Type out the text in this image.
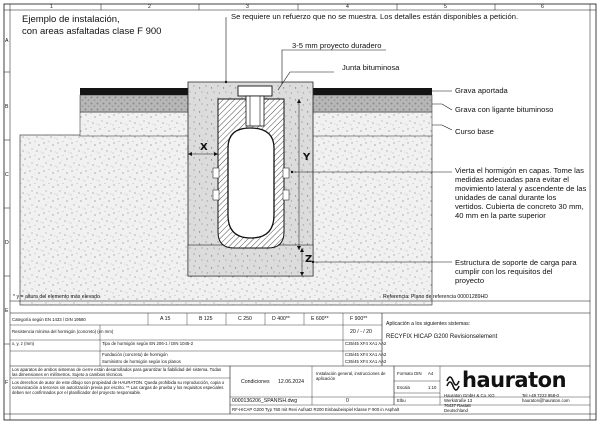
Ejemplo de instalación,
con areas asfaltadas clase F 900
Se requiere un refuerzo que no se muestra. Los detalles están disponibles a petición.
3-5 mm proyecto duradero
Junta bituminosa
Grava aportada
Grava con ligante bituminoso
Curso base
Vierta el hormigón en capas. Tome las medidas adecuadas para evitar el movimiento lateral y ascendente de las unidades de canal durante los vertidos. Cubierta de concreto 30 mm, 40 mm en la parte superior
Estructura de soporte de carga para cumplir con los requisitos del proyecto
X
Y
Z
1	2	3	4	5	6
A
B
C
D
E
F
* y = altura del elemento más elevado	Referencia: Plano de referencia 00001289HD
Categoría según EN 1433 / DIN 19580	A 15	B 125	C 250	D 400**	E 600**	F 900**
Resistencia mínima del hormigón (concreto) (en mm)	20 / - / 20
x, y, z (mm)	Tipo de hormigón según EN 206-1 / DIN 1045-2	C35/45 XF4 XA1 AA2
Fundación (concreto) de hormigón	C35/45 XF4 XA1 AA2
Suministro de hormigón según los planos	C35/45 XF4 XA1 AA2
Los aparatos de ambos sistemas de cierre están desarrollados para garantizar la fiabilidad del sistema. Todas las dimensiones en milímetros. Sujeto a cambios técnicos.
Los derechos de autor de este dibujo son propiedad de HAURATON. Queda prohibida su reproducción, copia o comunicación a terceros sin autorización previa por escrito. ** Las cargas de prueba y los requisitos especiales deben ser confirmados por el planificador del proyecto responsable.
Aplicación a los siguientes sistemas:
RECYFIX HICAP G200 Revisionselement
Condiciones 12.06.2024
Instalación general, instrucciones de aplicación
0000136206_SPANISH.dwg	0
Formato DIN A4
Escala	1:10
Elbu
RF-HICAP G200 Typ 760 mit Revi Aufsatz R200 Einbaubeispiel Klasse F 900 in Asphalt
hauraton
Hauraton GmbH & Co. KG
Werkstraße 13
76437 Rastatt
Deutschland
Tel +49 7222 958-0
hauraton@hauraton.com
